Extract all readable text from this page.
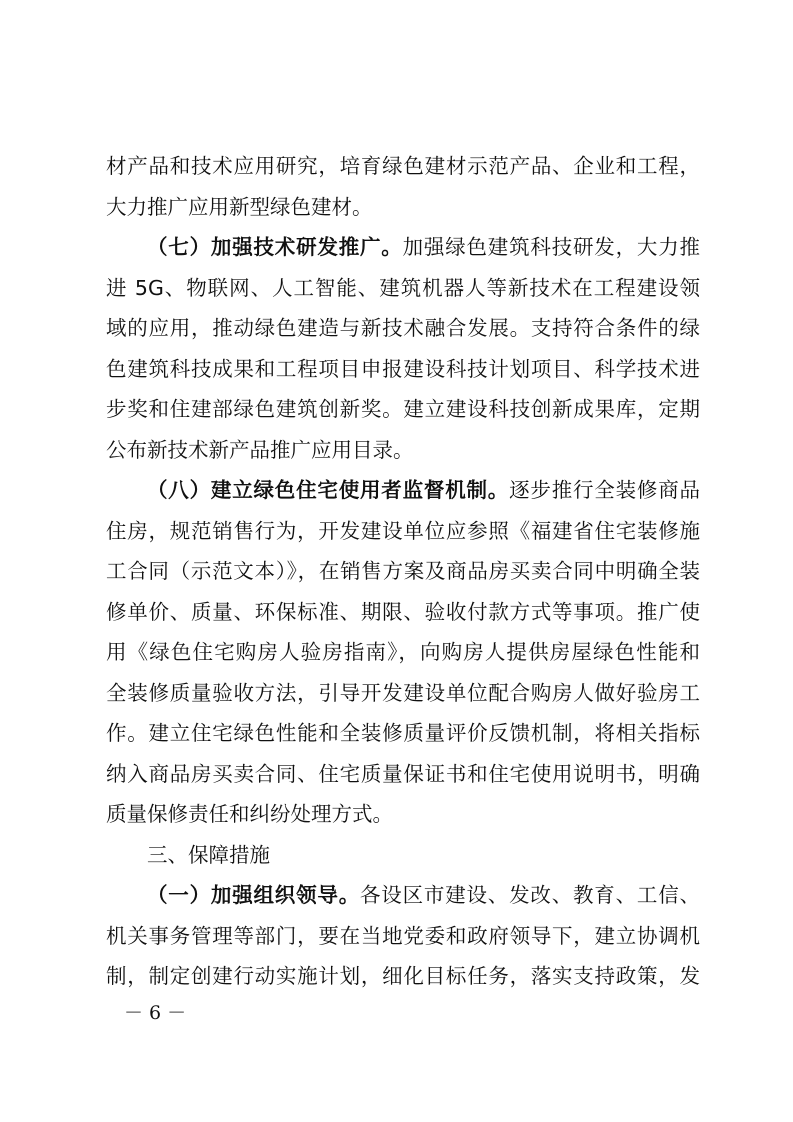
材产品和技术应用研究，培育绿色建材示范产品、企业和工程，
大力推广应用新型绿色建材。
（七）加强技术研发推广。加强绿色建筑科技研发，大力推
进 5G、物联网、人工智能、建筑机器人等新技术在工程建设领
域的应用，推动绿色建造与新技术融合发展。支持符合条件的绿
色建筑科技成果和工程项目申报建设科技计划项目、科学技术进
步奖和住建部绿色建筑创新奖。建立建设科技创新成果库，定期
公布新技术新产品推广应用目录。
（八）建立绿色住宅使用者监督机制。逐步推行全装修商品
住房，规范销售行为，开发建设单位应参照《福建省住宅装修施
工合同（示范文本）》，在销售方案及商品房买卖合同中明确全装
修单价、质量、环保标准、期限、验收付款方式等事项。推广使
用《绿色住宅购房人验房指南》，向购房人提供房屋绿色性能和
全装修质量验收方法，引导开发建设单位配合购房人做好验房工
作。建立住宅绿色性能和全装修质量评价反馈机制，将相关指标
纳入商品房买卖合同、住宅质量保证书和住宅使用说明书，明确
质量保修责任和纠纷处理方式。
三、保障措施
（一）加强组织领导。各设区市建设、发改、教育、工信、
机关事务管理等部门，要在当地党委和政府领导下，建立协调机
制，制定创建行动实施计划，细化目标任务，落实支持政策，发
－ 6 －
